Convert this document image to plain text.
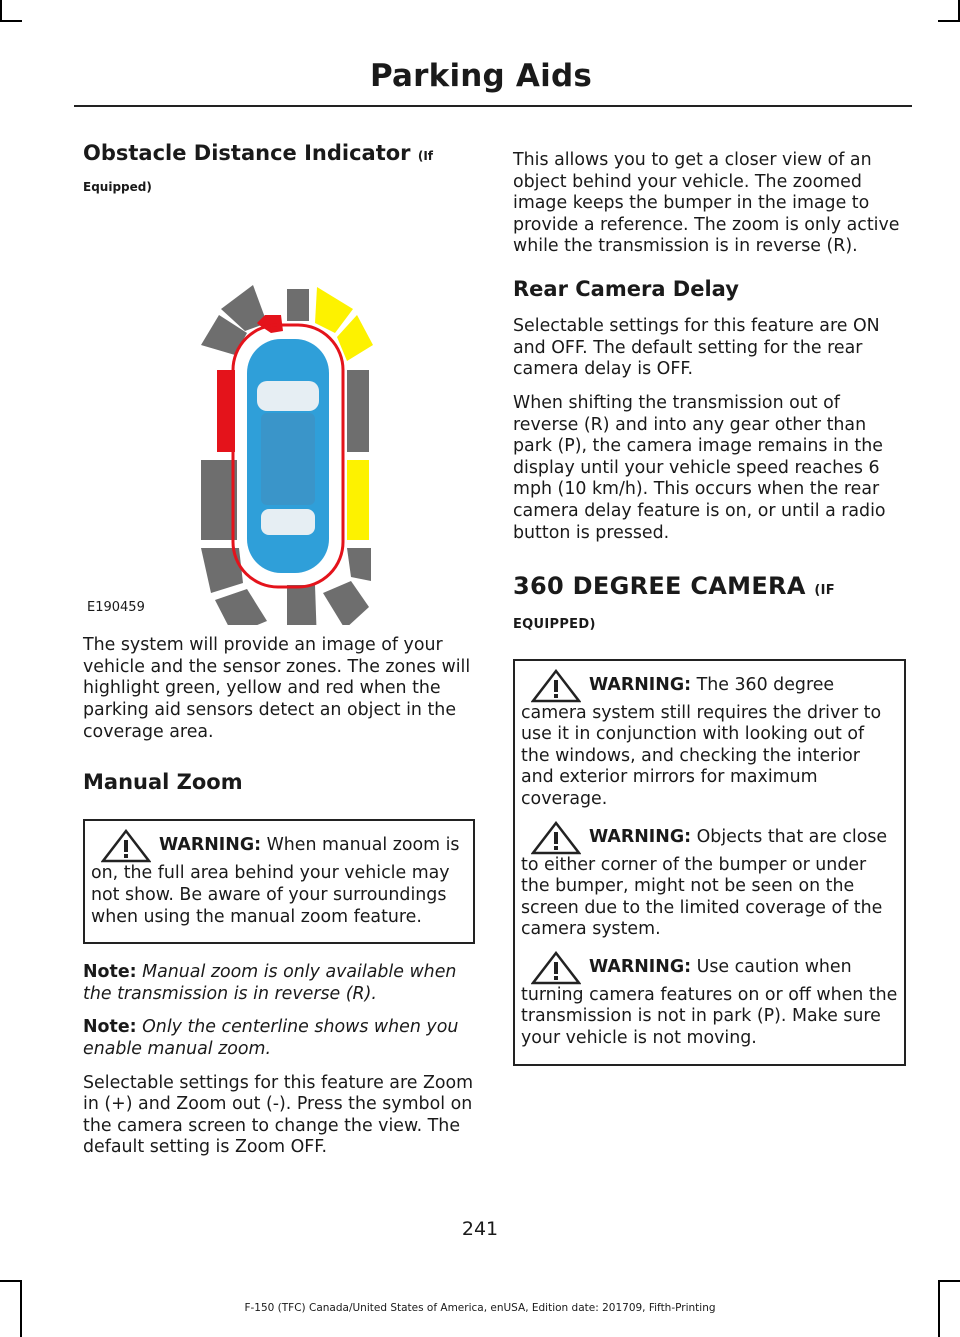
Parking Aids
Obstacle Distance Indicator (If
Equipped)
E190459

The system will provide an image of your vehicle and the sensor zones. The zones will highlight green, yellow and red when the parking aid sensors detect an object in the coverage area.

Manual Zoom

WARNING: When manual zoom is on, the full area behind your vehicle may not show. Be aware of your surroundings when using the manual zoom feature.

Note: Manual zoom is only available when the transmission is in reverse (R).

Note: Only the centerline shows when you enable manual zoom.

Selectable settings for this feature are Zoom in (+) and Zoom out (-). Press the symbol on the camera screen to change the view. The default setting is Zoom OFF.

This allows you to get a closer view of an object behind your vehicle. The zoomed image keeps the bumper in the image to provide a reference. The zoom is only active while the transmission is in reverse (R).

Rear Camera Delay

Selectable settings for this feature are ON and OFF. The default setting for the rear camera delay is OFF.

When shifting the transmission out of reverse (R) and into any gear other than park (P), the camera image remains in the display until your vehicle speed reaches 6 mph (10 km/h). This occurs when the rear camera delay feature is on, or until a radio button is pressed.

360 DEGREE CAMERA (IF
EQUIPPED)

WARNING: The 360 degree camera system still requires the driver to use it in conjunction with looking out of the windows, and checking the interior and exterior mirrors for maximum coverage.

WARNING: Objects that are close to either corner of the bumper or under the bumper, might not be seen on the screen due to the limited coverage of the camera system.

WARNING: Use caution when turning camera features on or off when the transmission is not in park (P). Make sure your vehicle is not moving.

241
F-150 (TFC) Canada/United States of America, enUSA, Edition date: 201709, Fifth-Printing
